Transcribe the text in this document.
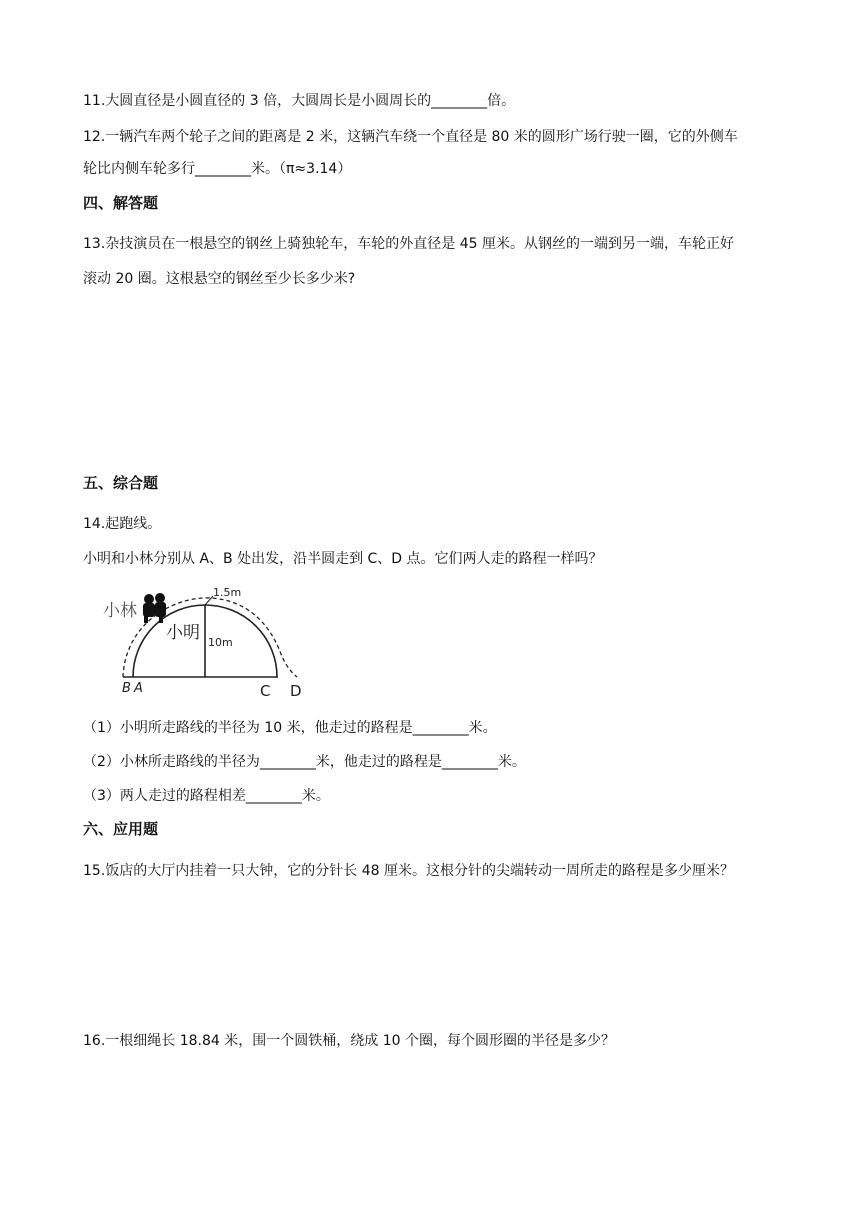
11.大圆直径是小圆直径的 3 倍，大圆周长是小圆周长的________倍。
12.一辆汽车两个轮子之间的距离是 2 米，这辆汽车绕一个直径是 80 米的圆形广场行驶一圈，它的外侧车
轮比内侧车轮多行________米。（π≈3.14）
四、解答题
13.杂技演员在一根悬空的钢丝上骑独轮车，车轮的外直径是 45 厘米。从钢丝的一端到另一端，车轮正好
滚动 20 圈。这根悬空的钢丝至少长多少米?
五、综合题
14.起跑线。
小明和小林分别从 A、B 处出发，沿半圆走到 C、D 点。它们两人走的路程一样吗？
小林
小明
1.5m
10m
B A	C D
（1）小明所走路线的半径为 10 米，他走过的路程是________米。
（2）小林所走路线的半径为________米，他走过的路程是________米。
（3）两人走过的路程相差________米。
六、应用题
15.饭店的大厅内挂着一只大钟，它的分针长 48 厘米。这根分针的尖端转动一周所走的路程是多少厘米？
16.一根细绳长 18.84 米，围一个圆铁桶，绕成 10 个圈，每个圆形圈的半径是多少？
